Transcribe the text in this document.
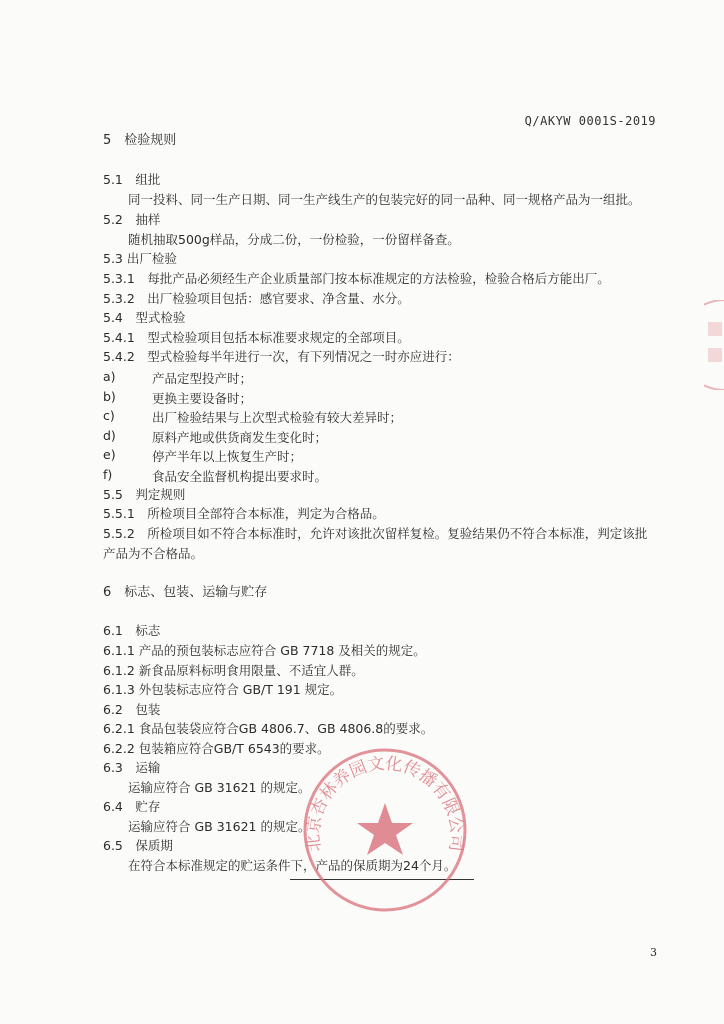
Q/AKYW 0001S-2019
5　检验规则
5.1　组批
同一投料、同一生产日期、同一生产线生产的包装完好的同一品种、同一规格产品为一组批。
5.2　抽样
随机抽取500g样品，分成二份，一份检验，一份留样备查。
5.3 出厂检验
5.3.1　每批产品必须经生产企业质量部门按本标准规定的方法检验，检验合格后方能出厂。
5.3.2　出厂检验项目包括：感官要求、净含量、水分。
5.4　型式检验
5.4.1　型式检验项目包括本标准要求规定的全部项目。
5.4.2　型式检验每半年进行一次，有下列情况之一时亦应进行：
a)	产品定型投产时；
b)	更换主要设备时；
c)	出厂检验结果与上次型式检验有较大差异时；
d)	原料产地或供货商发生变化时；
e)	停产半年以上恢复生产时；
f)	食品安全监督机构提出要求时。
5.5　判定规则
5.5.1　所检项目全部符合本标准，判定为合格品。
5.5.2　所检项目如不符合本标准时，允许对该批次留样复检。复验结果仍不符合本标准，判定该批
产品为不合格品。
6　标志、包装、运输与贮存
6.1　标志
6.1.1 产品的预包装标志应符合 GB 7718 及相关的规定。
6.1.2 新食品原料标明食用限量、不适宜人群。
6.1.3 外包装标志应符合 GB/T 191 规定。
6.2　包装
6.2.1 食品包装袋应符合GB 4806.7、GB 4806.8的要求。
6.2.2 包装箱应符合GB/T 6543的要求。
6.3　运输
运输应符合 GB 31621 的规定。
6.4　贮存
运输应符合 GB 31621 的规定。
6.5　保质期
在符合本标准规定的贮运条件下，产品的保质期为24个月。
北京杏林养园文化传播有限公司
3
